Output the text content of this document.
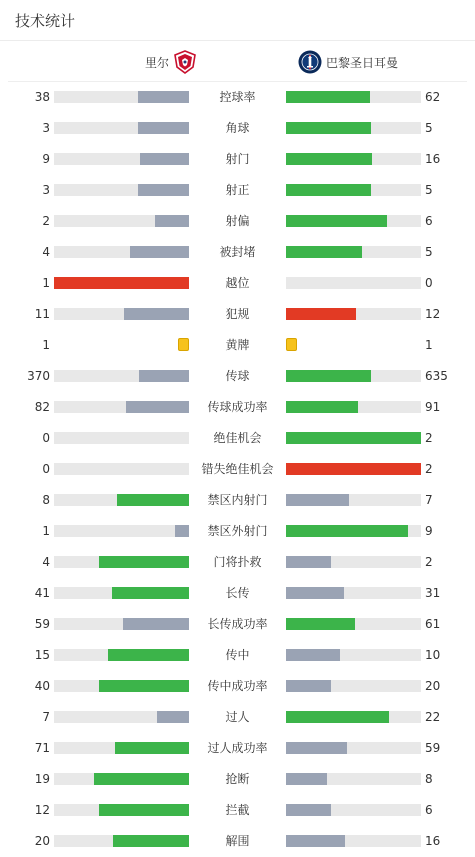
技术统计
里尔	巴黎圣日耳曼
38	控球率	62
3	角球	5
9	射门	16
3	射正	5
2	射偏	6
4	被封堵	5
1	越位	0
11	犯规	12
1	黄牌	1
370	传球	635
82	传球成功率	91
0	绝佳机会	2
0	错失绝佳机会	2
8	禁区内射门	7
1	禁区外射门	9
4	门将扑救	2
41	长传	31
59	长传成功率	61
15	传中	10
40	传中成功率	20
7	过人	22
71	过人成功率	59
19	抢断	8
12	拦截	6
20	解围	16
